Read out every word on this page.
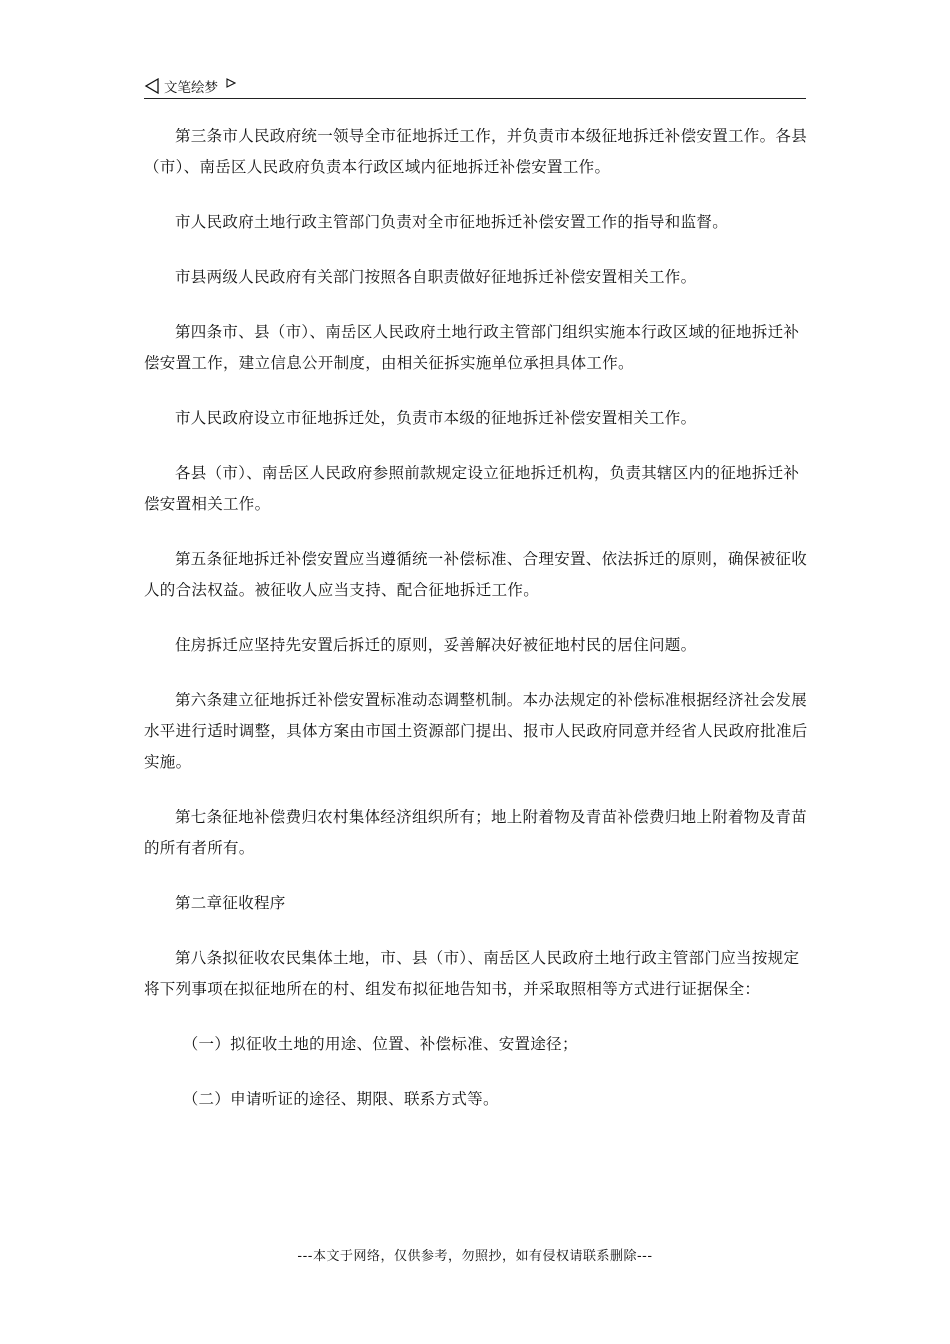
文笔绘梦

第三条市人民政府统一领导全市征地拆迁工作，并负责市本级征地拆迁补偿安置工作。各县（市）、南岳区人民政府负责本行政区域内征地拆迁补偿安置工作。

市人民政府土地行政主管部门负责对全市征地拆迁补偿安置工作的指导和监督。

市县两级人民政府有关部门按照各自职责做好征地拆迁补偿安置相关工作。

第四条市、县（市）、南岳区人民政府土地行政主管部门组织实施本行政区域的征地拆迁补偿安置工作，建立信息公开制度，由相关征拆实施单位承担具体工作。

市人民政府设立市征地拆迁处，负责市本级的征地拆迁补偿安置相关工作。

各县（市）、南岳区人民政府参照前款规定设立征地拆迁机构，负责其辖区内的征地拆迁补偿安置相关工作。

第五条征地拆迁补偿安置应当遵循统一补偿标准、合理安置、依法拆迁的原则，确保被征收人的合法权益。被征收人应当支持、配合征地拆迁工作。

住房拆迁应坚持先安置后拆迁的原则，妥善解决好被征地村民的居住问题。

第六条建立征地拆迁补偿安置标准动态调整机制。本办法规定的补偿标准根据经济社会发展水平进行适时调整，具体方案由市国土资源部门提出、报市人民政府同意并经省人民政府批准后实施。

第七条征地补偿费归农村集体经济组织所有；地上附着物及青苗补偿费归地上附着物及青苗的所有者所有。

第二章征收程序

第八条拟征收农民集体土地，市、县（市）、南岳区人民政府土地行政主管部门应当按规定将下列事项在拟征地所在的村、组发布拟征地告知书，并采取照相等方式进行证据保全：

（一）拟征收土地的用途、位置、补偿标准、安置途径；

（二）申请听证的途径、期限、联系方式等。

---本文于网络，仅供参考，勿照抄，如有侵权请联系删除---
